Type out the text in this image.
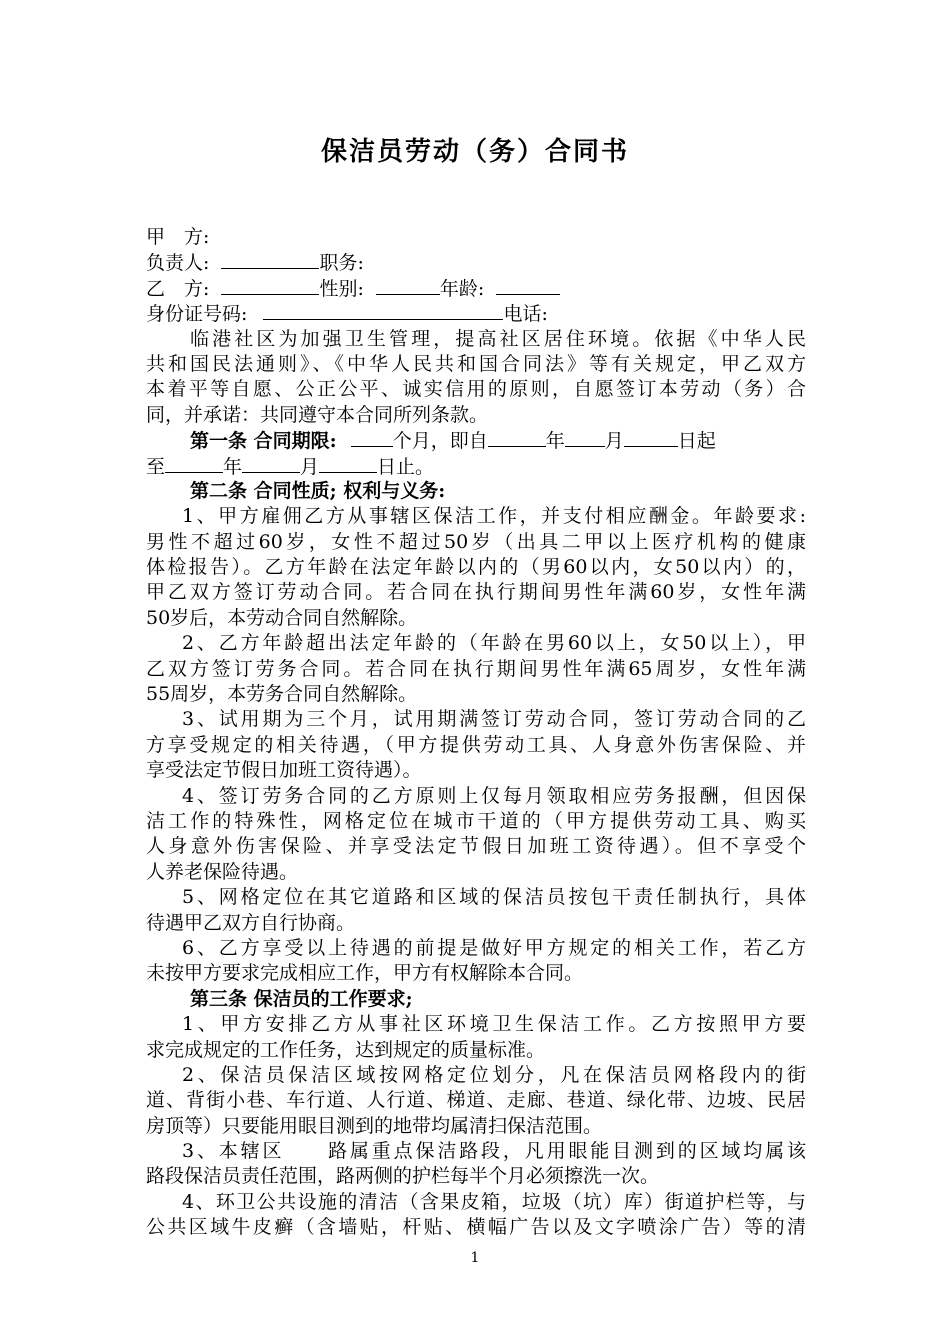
保洁员劳动（务）合同书
甲　方:
负责人:	职务:
乙　方:	性别:	年龄:
身份证号码:	电话:
临港社区为加强卫生管理，提高社区居住环境。依据《中华人民
共和国民法通则》、《中华人民共和国合同法》等有关规定，甲乙双方
本着平等自愿、公正公平、诚实信用的原则，自愿签订本劳动（务）合
同，并承诺：共同遵守本合同所列条款。
第一条 合同期限:	个月，即自	年 月	日起
至	年	月	日止。
第二条 合同性质; 权利与义务:
1、甲方雇佣乙方从事辖区保洁工作，并支付相应酬金。年龄要求:
男性不超过60岁，女性不超过50岁（出具二甲以上医疗机构的健康
体检报告）。乙方年龄在法定年龄以内的（男60以内，女50以内）的，
甲乙双方签订劳动合同。若合同在执行期间男性年满60岁，女性年满
50岁后，本劳动合同自然解除。
2、乙方年龄超出法定年龄的（年龄在男60以上，女50以上），甲
乙双方签订劳务合同。若合同在执行期间男性年满65周岁，女性年满
55周岁，本劳务合同自然解除。
3、试用期为三个月，试用期满签订劳动合同，签订劳动合同的乙
方享受规定的相关待遇，（甲方提供劳动工具、人身意外伤害保险、并
享受法定节假日加班工资待遇）。
4、签订劳务合同的乙方原则上仅每月领取相应劳务报酬，但因保
洁工作的特殊性，网格定位在城市干道的（甲方提供劳动工具、购买
人身意外伤害保险、并享受法定节假日加班工资待遇）。但不享受个
人养老保险待遇。
5、网格定位在其它道路和区域的保洁员按包干责任制执行，具体
待遇甲乙双方自行协商。
6、乙方享受以上待遇的前提是做好甲方规定的相关工作，若乙方
未按甲方要求完成相应工作，甲方有权解除本合同。
第三条 保洁员的工作要求;
1、甲方安排乙方从事社区环境卫生保洁工作。乙方按照甲方要
求完成规定的工作任务，达到规定的质量标准。
2、保洁员保洁区域按网格定位划分，凡在保洁员网格段内的街
道、背街小巷、车行道、人行道、梯道、走廊、巷道、绿化带、边坡、民居
房顶等）只要能用眼目测到的地带均属清扫保洁范围。
3、本辖区　　路属重点保洁路段，凡用眼能目测到的区域均属该
路段保洁员责任范围，路两侧的护栏每半个月必须擦洗一次。
4、环卫公共设施的清洁（含果皮箱，垃圾（坑）库）街道护栏等，与
公共区域牛皮癣（含墙贴，杆贴、横幅广告以及文字喷涂广告）等的清
1
